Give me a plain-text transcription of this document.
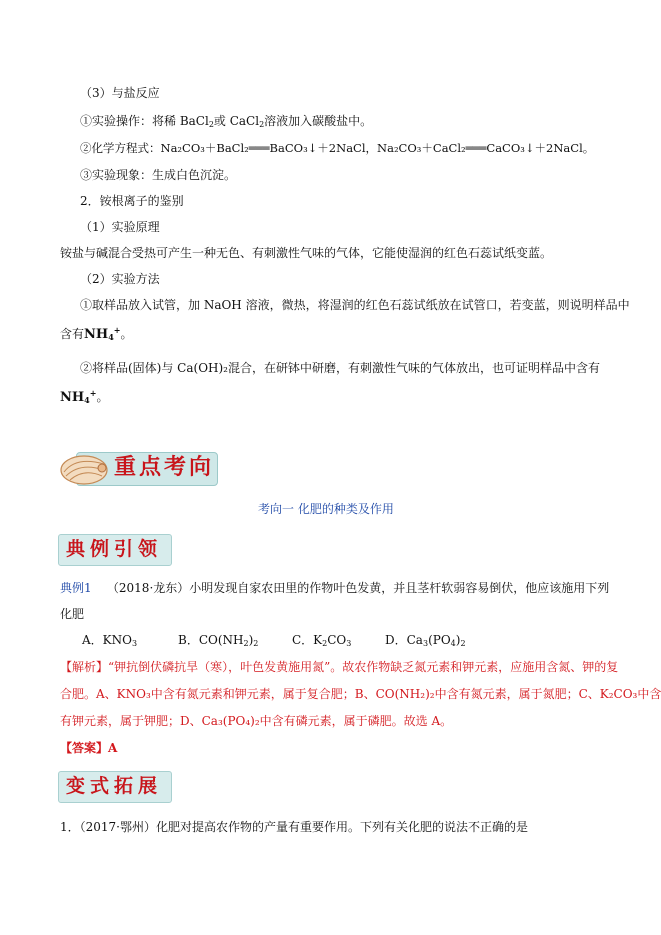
（3）与盐反应
①实验操作：将稀 BaCl$_2$或 CaCl$_2$溶液加入碳酸盐中。
②化学方程式：Na₂CO₃＋BaCl₂═══BaCO₃↓＋2NaCl，Na₂CO₃＋CaCl₂═══CaCO₃↓＋2NaCl。
③实验现象：生成白色沉淀。
2．铵根离子的鉴别
（1）实验原理
铵盐与碱混合受热可产生一种无色、有刺激性气味的气体，它能使湿润的红色石蕊试纸变蓝。
（2）实验方法
①取样品放入试管，加 NaOH 溶液，微热，将湿润的红色石蕊试纸放在试管口，若变蓝，则说明样品中
含有$NH_4^+$。
②将样品(固体)与 Ca(OH)₂混合，在研钵中研磨，有刺激性气味的气体放出，也可证明样品中含有
$NH_4^+$。
重点考向
考向一 化肥的种类及作用
典例引领
典例1 （2018·龙东）小明发现自家农田里的作物叶色发黄，并且茎杆软弱容易倒伏，他应该施用下列
化肥
A．$KNO_3$	B．$CO(NH_2)_2$	C．$K_2CO_3$	D．$Ca_3(PO_4)_2$
【解析】“钾抗倒伏磷抗旱（寒），叶色发黄施用氮”。故农作物缺乏氮元素和钾元素，应施用含氮、钾的复
合肥。A、KNO₃中含有氮元素和钾元素，属于复合肥；B、CO(NH₂)₂中含有氮元素，属于氮肥；C、K₂CO₃中含
有钾元素，属于钾肥；D、Ca₃(PO₄)₂中含有磷元素，属于磷肥。故选 A。
【答案】A
变式拓展
1．（2017·鄂州）化肥对提高农作物的产量有重要作用。下列有关化肥的说法不正确的是
